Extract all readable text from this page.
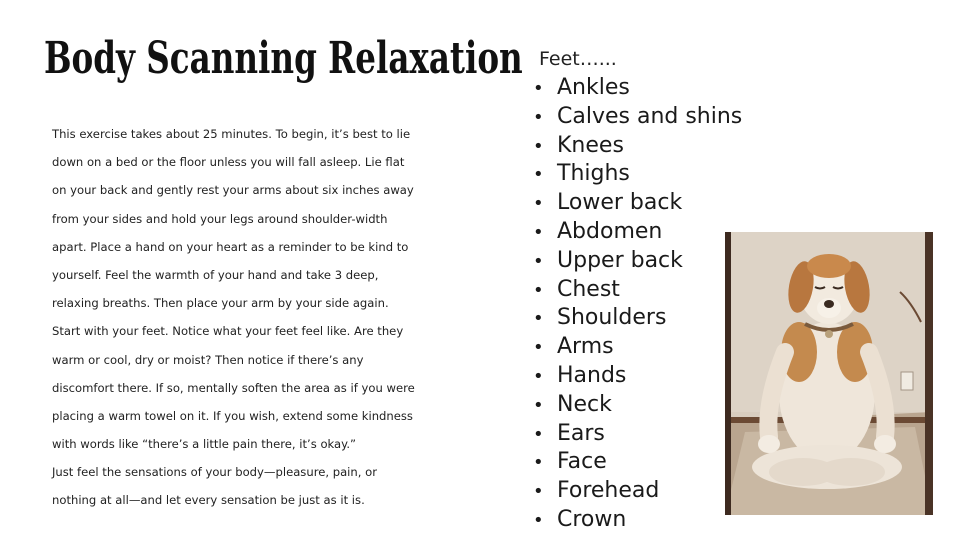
Body Scanning Relaxation
This exercise takes about 25 minutes. To begin, it’s best to lie
down on a bed or the floor unless you will fall asleep. Lie flat
on your back and gently rest your arms about six inches away
from your sides and hold your legs around shoulder-width
apart. Place a hand on your heart as a reminder to be kind to
yourself. Feel the warmth of your hand and take 3 deep,
relaxing breaths. Then place your arm by your side again.
Start with your feet. Notice what your feet feel like. Are they
warm or cool, dry or moist? Then notice if there’s any
discomfort there. If so, mentally soften the area as if you were
placing a warm towel on it. If you wish, extend some kindness
with words like “there’s a little pain there, it’s okay.”
Just feel the sensations of your body—pleasure, pain, or
nothing at all—and let every sensation be just as it is.
Feet…...
• Ankles
• Calves and shins
• Knees
• Thighs
• Lower back
• Abdomen
• Upper back
• Chest
• Shoulders
• Arms
• Hands
• Neck
• Ears
• Face
• Forehead
• Crown
